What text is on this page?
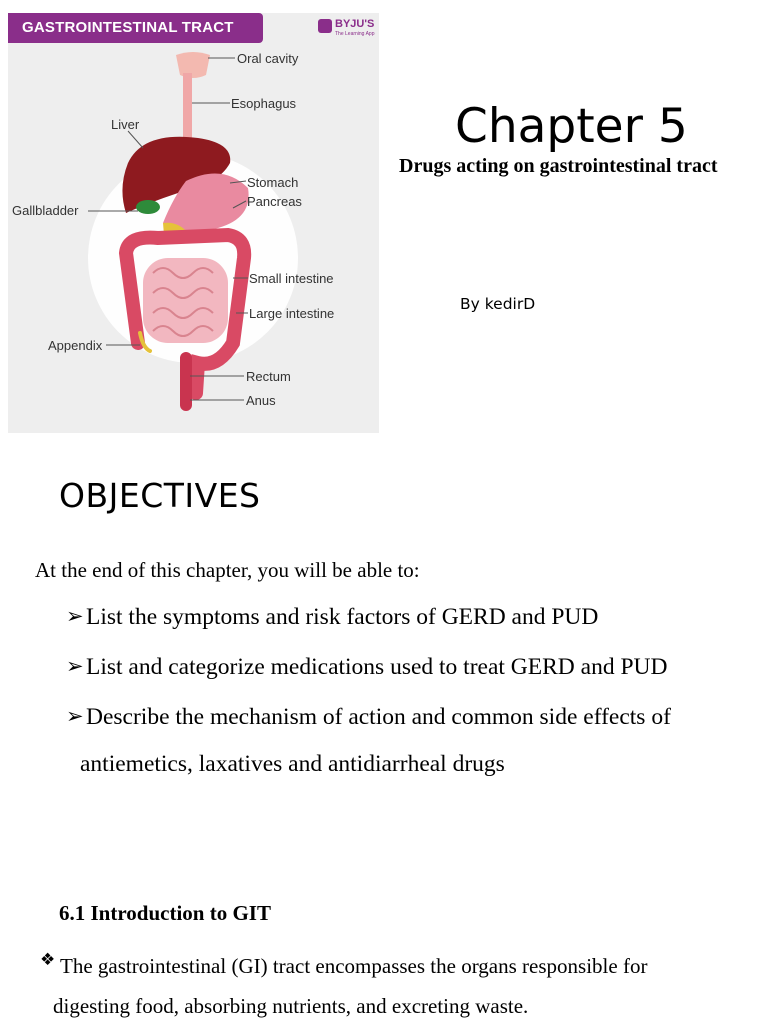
Oral cavity
Esophagus
Liver
Stomach
Pancreas
Gallbladder
Small intestine
Large intestine
Appendix
Rectum
Anus
GASTROINTESTINAL TRACT	BYJU'S
The Learning App
Chapter 5
Drugs acting on gastrointestinal tract
By kedirD
OBJECTIVES
At the end of this chapter, you will be able to:
➢ List the symptoms and risk factors of GERD and PUD
➢ List and categorize medications used to treat GERD and PUD
➢ Describe the mechanism of action and common side effects of
antiemetics, laxatives and antidiarrheal drugs
6.1 Introduction to GIT
❖ The gastrointestinal (GI) tract encompasses the organs responsible for
digesting food, absorbing nutrients, and excreting waste.
